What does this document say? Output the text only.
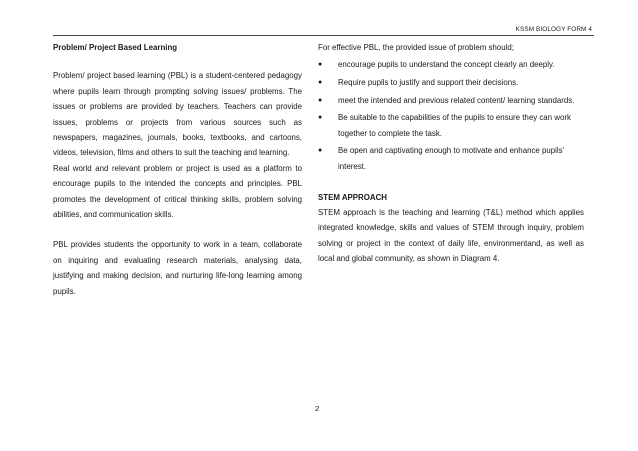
KSSM BIOLOGY FORM 4
Problem/ Project Based Learning

Problem/ project based learning (PBL) is a student-centered pedagogy where pupils learn through prompting solving issues/ problems. The issues or problems are provided by teachers. Teachers can provide issues, problems or projects from various sources such as newspapers, magazines, journals, books, textbooks, and cartoons, videos, television, films and others to suit the teaching and learning.

Real world and relevant problem or project is used as a platform to encourage pupils to the intended the concepts and principles. PBL promotes the development of critical thinking skills, problem solving abilities, and communication skills.

PBL provides students the opportunity to work in a team, collaborate on inquiring and evaluating research materials, analysing data, justifying and making decision, and nurturing life-long learning among pupils.

For effective PBL, the provided issue of problem should;
● encourage pupils to understand the concept clearly an deeply.
● Require pupils to justify and support their decisions.
● meet the intended and previous related content/ learning standards.
● Be suitable to the capabilities of the pupils to ensure they can work together to complete the task.
● Be open and captivating enough to motivate and enhance pupils' interest.
STEM APPROACH

STEM approach is the teaching and learning (T&L) method which applies integrated knowledge, skills and values of STEM through inquiry, problem solving or project in the context of daily life, environmentand, as well as local and global community, as shown in Diagram 4.

2
